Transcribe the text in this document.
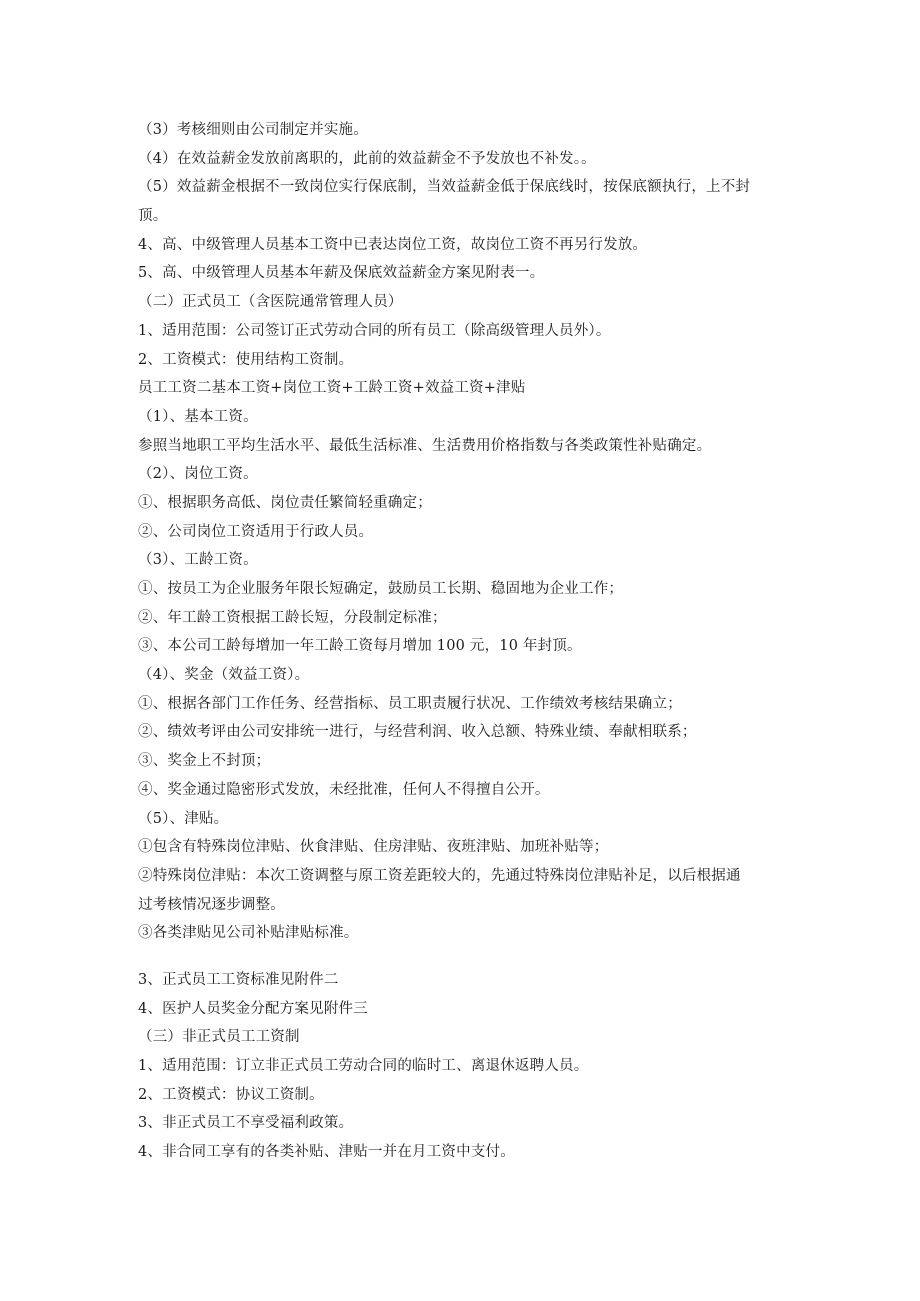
（3）考核细则由公司制定并实施。
（4）在效益薪金发放前离职的，此前的效益薪金不予发放也不补发。。
（5）效益薪金根据不一致岗位实行保底制，当效益薪金低于保底线时，按保底额执行，上不封
顶。
4、高、中级管理人员基本工资中已表达岗位工资，故岗位工资不再另行发放。
5、高、中级管理人员基本年薪及保底效益薪金方案见附表一。
（二）正式员工（含医院通常管理人员）
1、适用范围：公司签订正式劳动合同的所有员工（除高级管理人员外）。
2、工资模式：使用结构工资制。
员工工资二基本工资+岗位工资+工龄工资+效益工资+津贴
（1）、基本工资。
参照当地职工平均生活水平、最低生活标准、生活费用价格指数与各类政策性补贴确定。
（2）、岗位工资。
①、根据职务高低、岗位责任繁简轻重确定；
②、公司岗位工资适用于行政人员。
（3）、工龄工资。
①、按员工为企业服务年限长短确定，鼓励员工长期、稳固地为企业工作；
②、年工龄工资根据工龄长短，分段制定标准；
③、本公司工龄每增加一年工龄工资每月增加 100 元，10 年封顶。
（4）、奖金（效益工资）。
①、根据各部门工作任务、经营指标、员工职责履行状况、工作绩效考核结果确立；
②、绩效考评由公司安排统一进行，与经营利润、收入总额、特殊业绩、奉献相联系；
③、奖金上不封顶；
④、奖金通过隐密形式发放，未经批准，任何人不得擅自公开。
（5）、津贴。
①包含有特殊岗位津贴、伙食津贴、住房津贴、夜班津贴、加班补贴等；
②特殊岗位津贴：本次工资调整与原工资差距较大的，先通过特殊岗位津贴补足，以后根据通
过考核情况逐步调整。
③各类津贴见公司补贴津贴标准。
3、正式员工工资标准见附件二
4、医护人员奖金分配方案见附件三
（三）非正式员工工资制
1、适用范围：订立非正式员工劳动合同的临时工、离退休返聘人员。
2、工资模式：协议工资制。
3、非正式员工不享受福利政策。
4、非合同工享有的各类补贴、津贴一并在月工资中支付。
